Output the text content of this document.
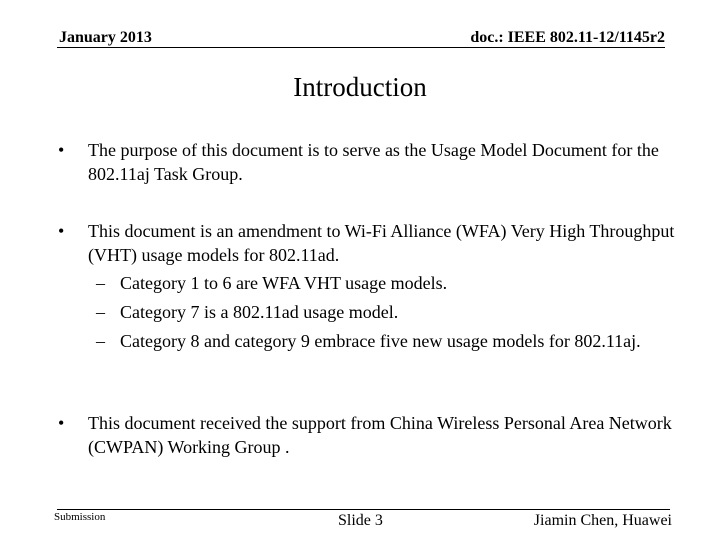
January 2013	doc.: IEEE 802.11-12/1145r2
Introduction
•	The purpose of this document is to serve as the Usage Model Document for the 802.11aj Task Group.
•	This document is an amendment to Wi-Fi Alliance (WFA) Very High Throughput (VHT) usage models for 802.11ad.
– Category 1 to 6 are WFA VHT usage models.
– Category 7 is a 802.11ad usage model.
– Category 8 and category 9 embrace five new usage models for 802.11aj.
•	This document received the support from China Wireless Personal Area Network (CWPAN) Working Group .
Submission	Slide 3	Jiamin Chen, Huawei
